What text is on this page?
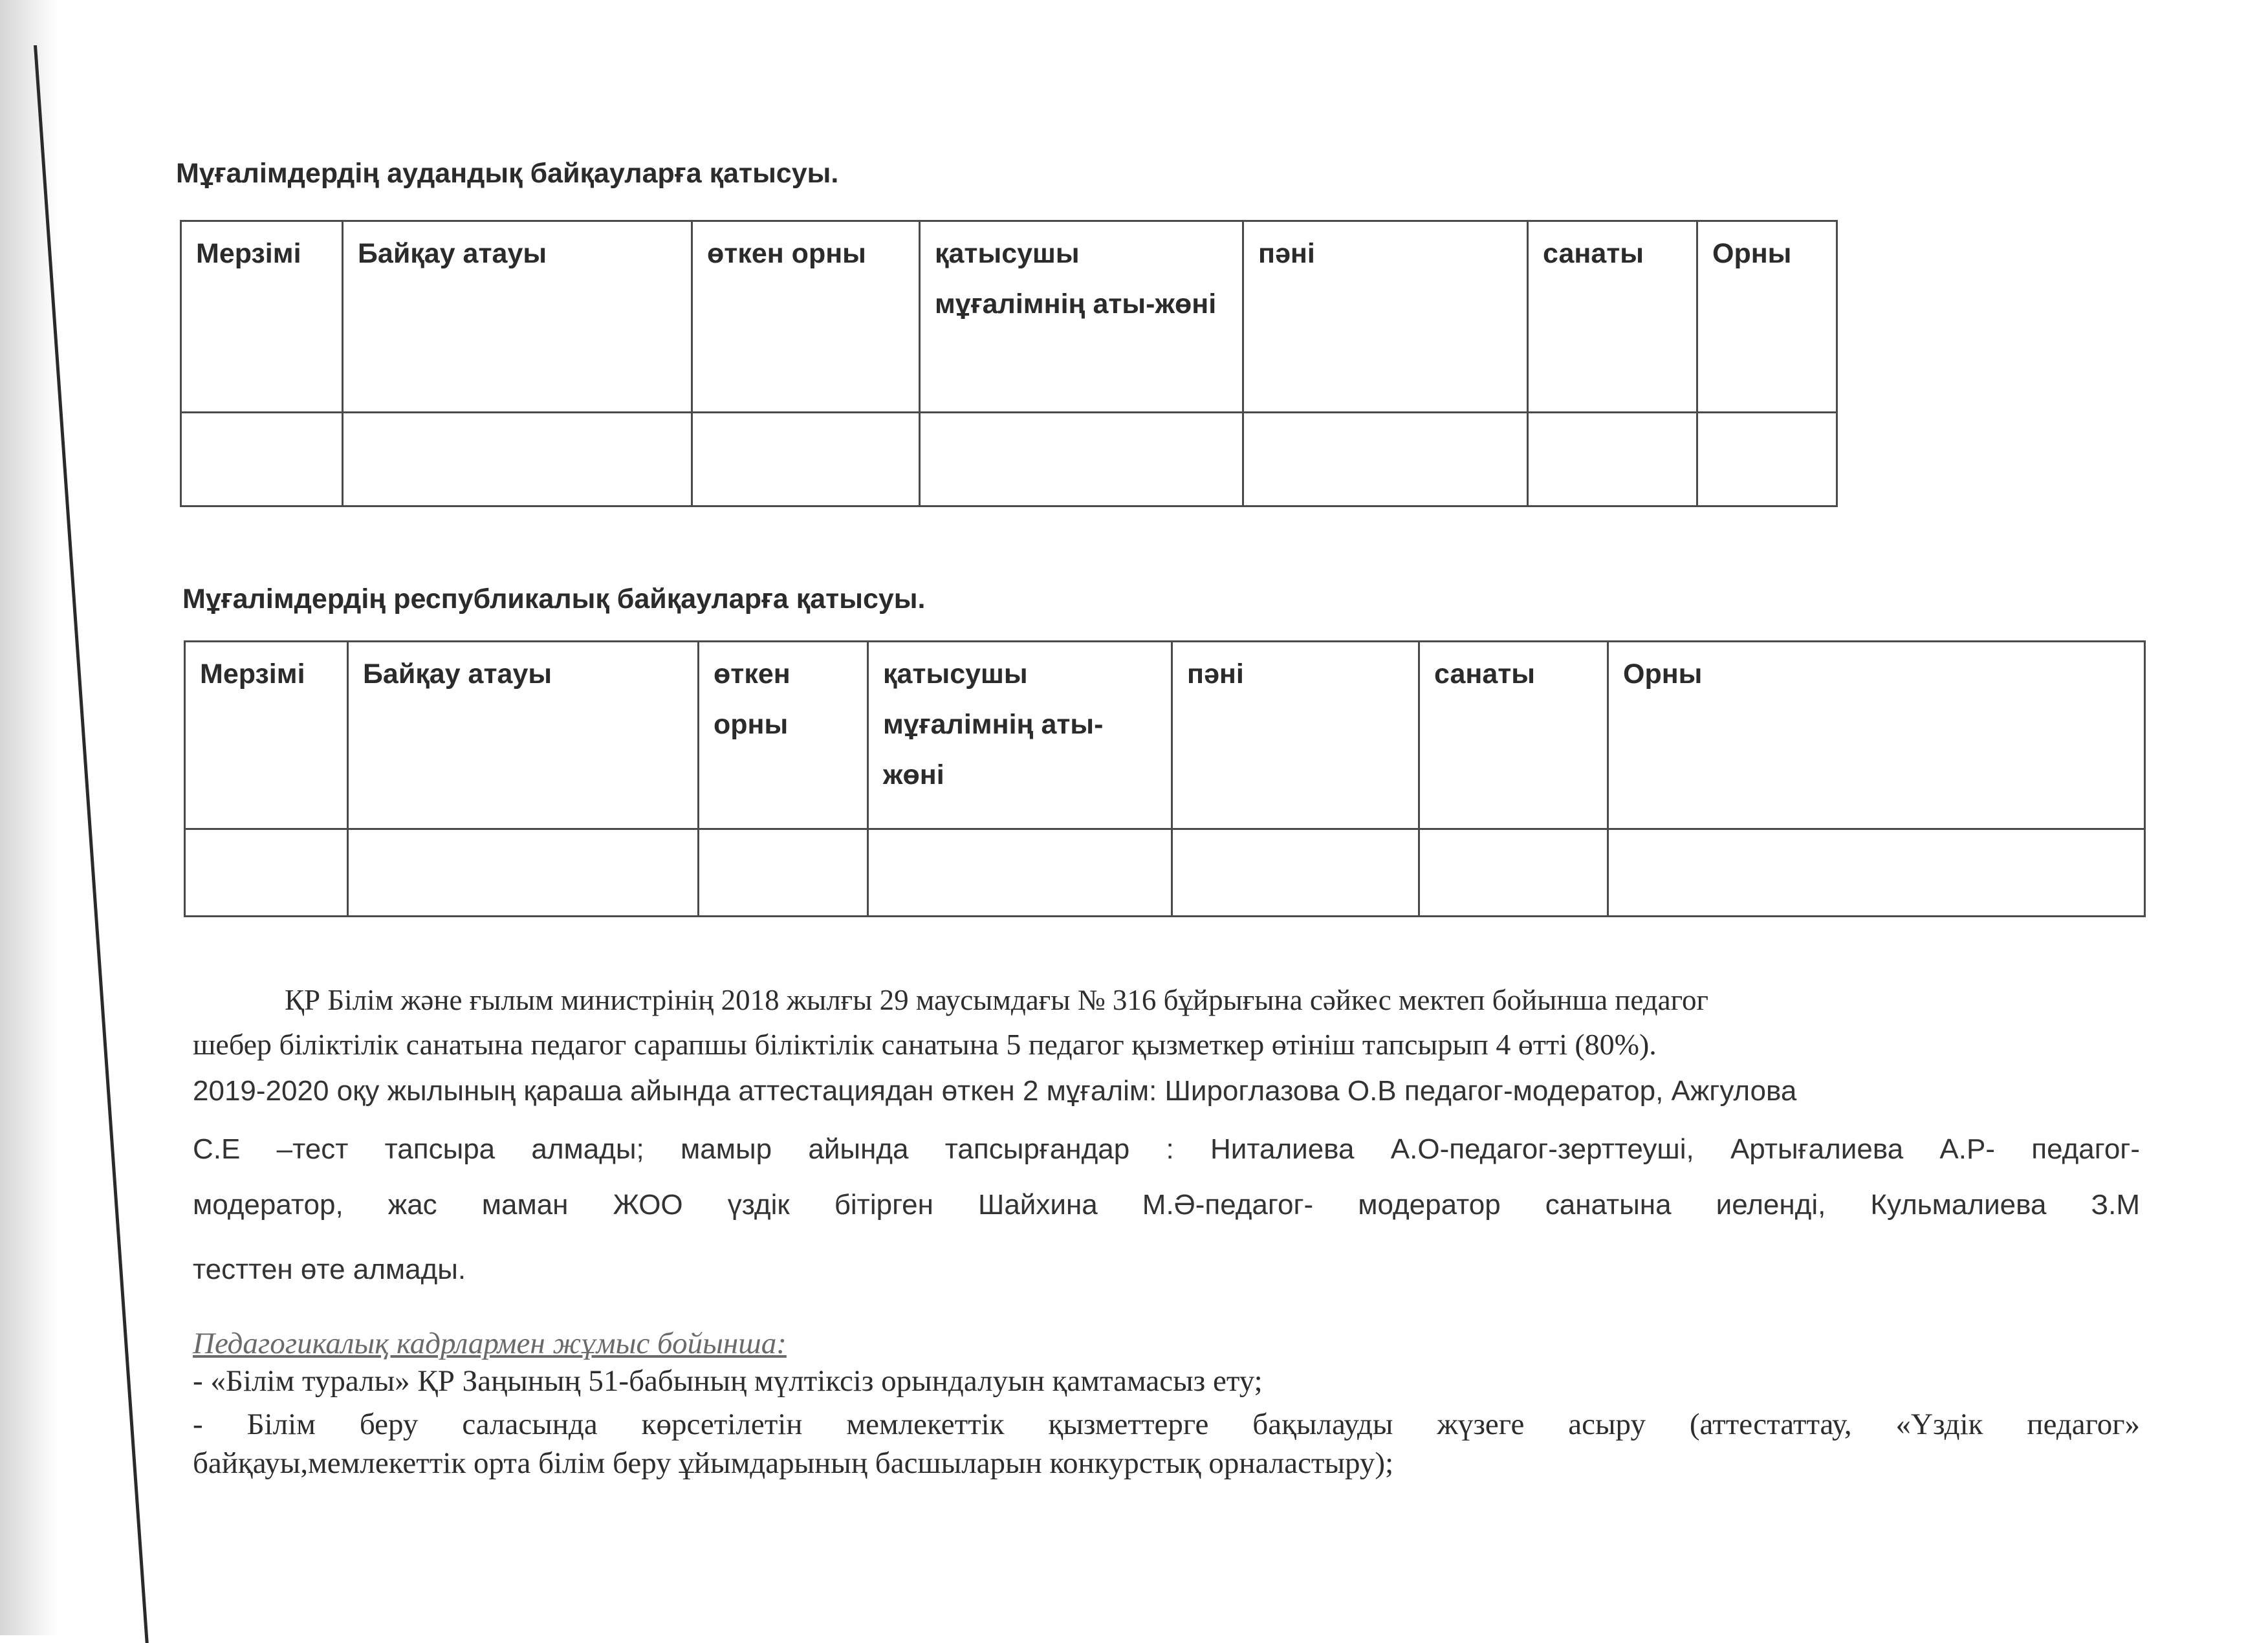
Мұғалімдердің аудандық байқауларға қатысуы.
Мерзімі	Байқау атауы	өткен орны	қатысушы мұғалімнің аты-жөні	пәні	санаты	Орны

Мұғалімдердің республикалық байқауларға қатысуы.
Мерзімі	Байқау атауы	өткен орны	қатысушы мұғалімнің аты-жөні	пәні	санаты	Орны

ҚР Білім және ғылым министрінің 2018 жылғы 29 маусымдағы № 316 бұйрығына сәйкес мектеп бойынша педагог
шебер біліктілік санатына педагог сарапшы біліктілік санатына 5 педагог қызметкер өтініш тапсырып 4 өтті (80%).
2019-2020 оқу жылының қараша айында аттестациядан өткен 2 мұғалім: Широглазова О.В педагог-модератор, Ажгулова
С.Е –тест тапсыра алмады; мамыр айында тапсырғандар : Ниталиева А.О-педагог-зерттеуші, Артығалиева А.Р- педагог-
модератор, жас маман ЖОО үздік бітірген Шайхина М.Ә-педагог- модератор санатына иеленді, Кульмалиева З.М
тесттен өте алмады.
Педагогикалық кадрлармен жұмыс бойынша:
- «Білім туралы» ҚР Заңының 51-бабының мүлтіксіз орындалуын қамтамасыз ету;
- Білім беру саласында көрсетілетін мемлекеттік қызметтерге бақылауды жүзеге асыру (аттестаттау, «Үздік педагог»
байқауы,мемлекеттік орта білім беру ұйымдарының басшыларын конкурстық орналастыру);
